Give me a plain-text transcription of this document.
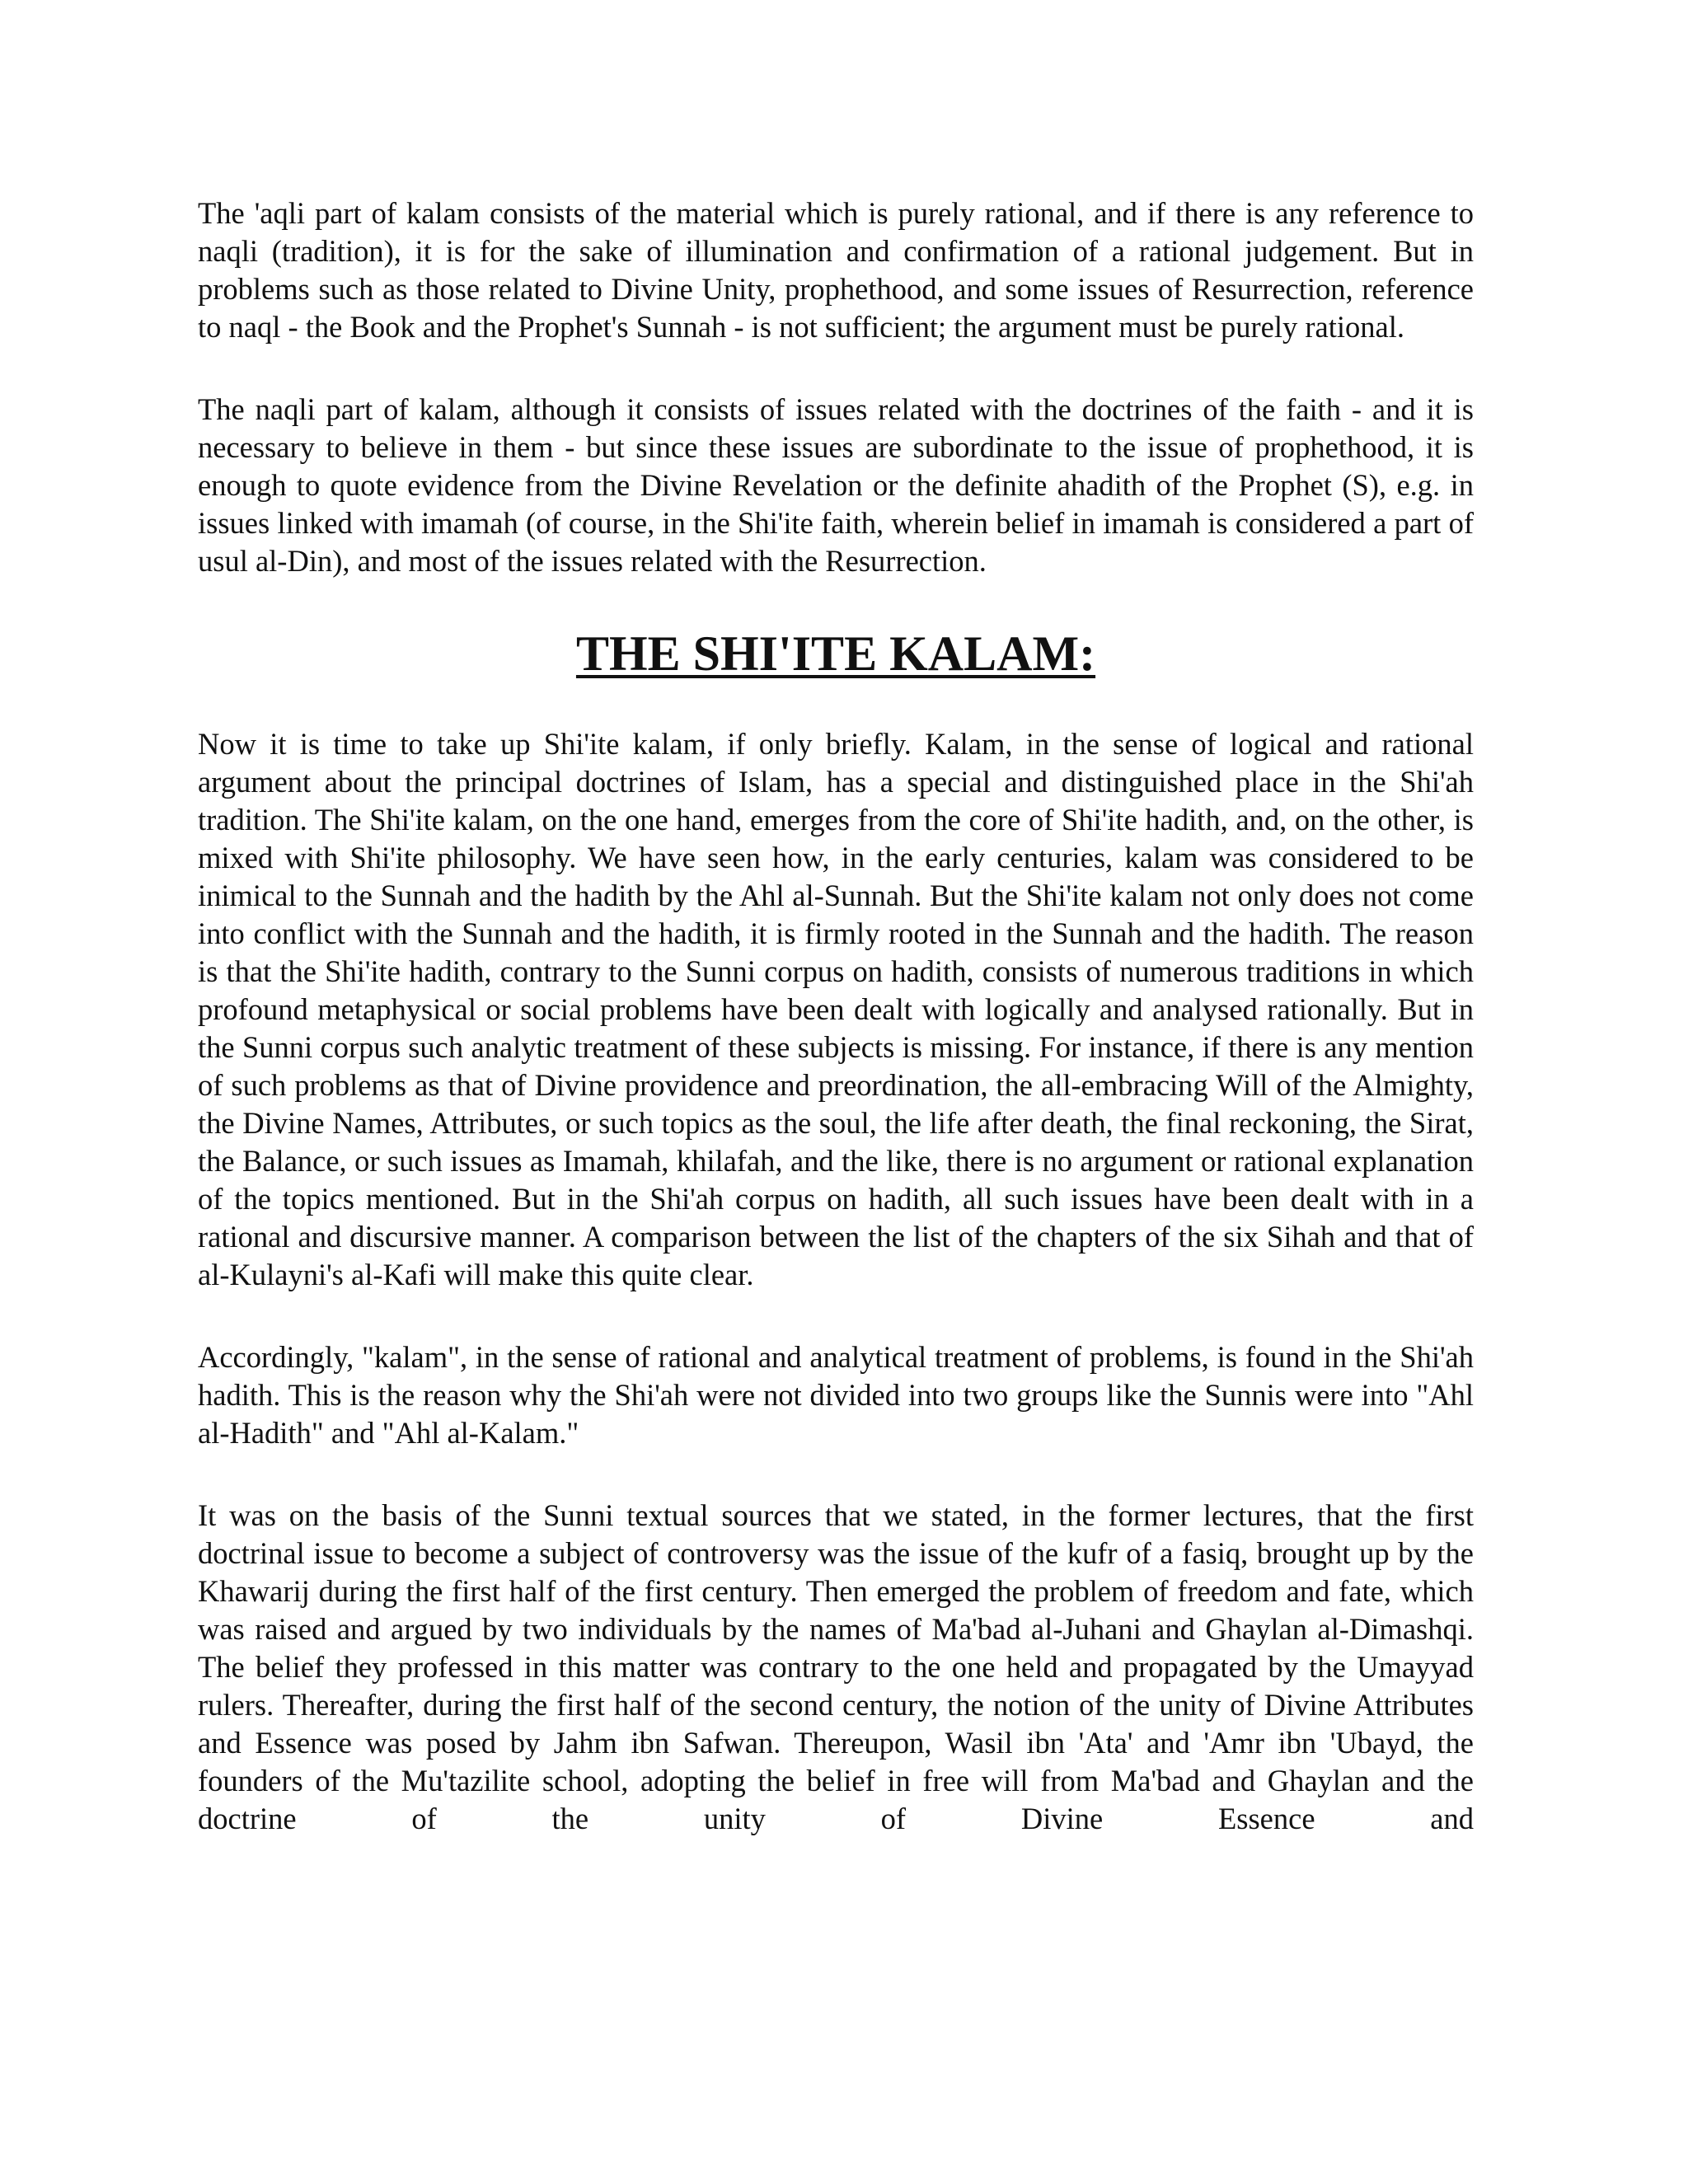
The 'aqli part of kalam consists of the material which is purely rational, and if there is any reference to naqli (tradition), it is for the sake of illumination and confirmation of a rational judgement. But in problems such as those related to Divine Unity, prophethood, and some issues of Resurrection, reference to naql - the Book and the Prophet's Sunnah - is not sufficient; the argument must be purely rational.

The naqli part of kalam, although it consists of issues related with the doctrines of the faith - and it is necessary to believe in them - but since these issues are subordinate to the issue of prophethood, it is enough to quote evidence from the Divine Revelation or the definite ahadith of the Prophet (S), e.g. in issues linked with imamah (of course, in the Shi'ite faith, wherein belief in imamah is considered a part of usul al-Din), and most of the issues related with the Resurrection.

THE SHI'ITE KALAM:

Now it is time to take up Shi'ite kalam, if only briefly. Kalam, in the sense of logical and rational argument about the principal doctrines of Islam, has a special and distinguished place in the Shi'ah tradition. The Shi'ite kalam, on the one hand, emerges from the core of Shi'ite hadith, and, on the other, is mixed with Shi'ite philosophy. We have seen how, in the early centuries, kalam was considered to be inimical to the Sunnah and the hadith by the Ahl al-Sunnah. But the Shi'ite kalam not only does not come into conflict with the Sunnah and the hadith, it is firmly rooted in the Sunnah and the hadith. The reason is that the Shi'ite hadith, contrary to the Sunni corpus on hadith, consists of numerous traditions in which profound metaphysical or social problems have been dealt with logically and analysed rationally. But in the Sunni corpus such analytic treatment of these subjects is missing. For instance, if there is any mention of such problems as that of Divine providence and preordination, the all-embracing Will of the Almighty, the Divine Names, Attributes, or such topics as the soul, the life after death, the final reckoning, the Sirat, the Balance, or such issues as Imamah, khilafah, and the like, there is no argument or rational explanation of the topics mentioned. But in the Shi'ah corpus on hadith, all such issues have been dealt with in a rational and discursive manner. A comparison between the list of the chapters of the six Sihah and that of al-Kulayni's al-Kafi will make this quite clear.

Accordingly, "kalam", in the sense of rational and analytical treatment of problems, is found in the Shi'ah hadith. This is the reason why the Shi'ah were not divided into two groups like the Sunnis were into "Ahl al-Hadith" and "Ahl al-Kalam."

It was on the basis of the Sunni textual sources that we stated, in the former lectures, that the first doctrinal issue to become a subject of controversy was the issue of the kufr of a fasiq, brought up by the Khawarij during the first half of the first century. Then emerged the problem of freedom and fate, which was raised and argued by two individuals by the names of Ma'bad al-Juhani and Ghaylan al-Dimashqi. The belief they professed in this matter was contrary to the one held and propagated by the Umayyad rulers. Thereafter, during the first half of the second century, the notion of the unity of Divine Attributes and Essence was posed by Jahm ibn Safwan. Thereupon, Wasil ibn 'Ata' and 'Amr ibn 'Ubayd, the founders of the Mu'tazilite school, adopting the belief in free will from Ma'bad and Ghaylan and the doctrine of the unity of Divine Essence and
